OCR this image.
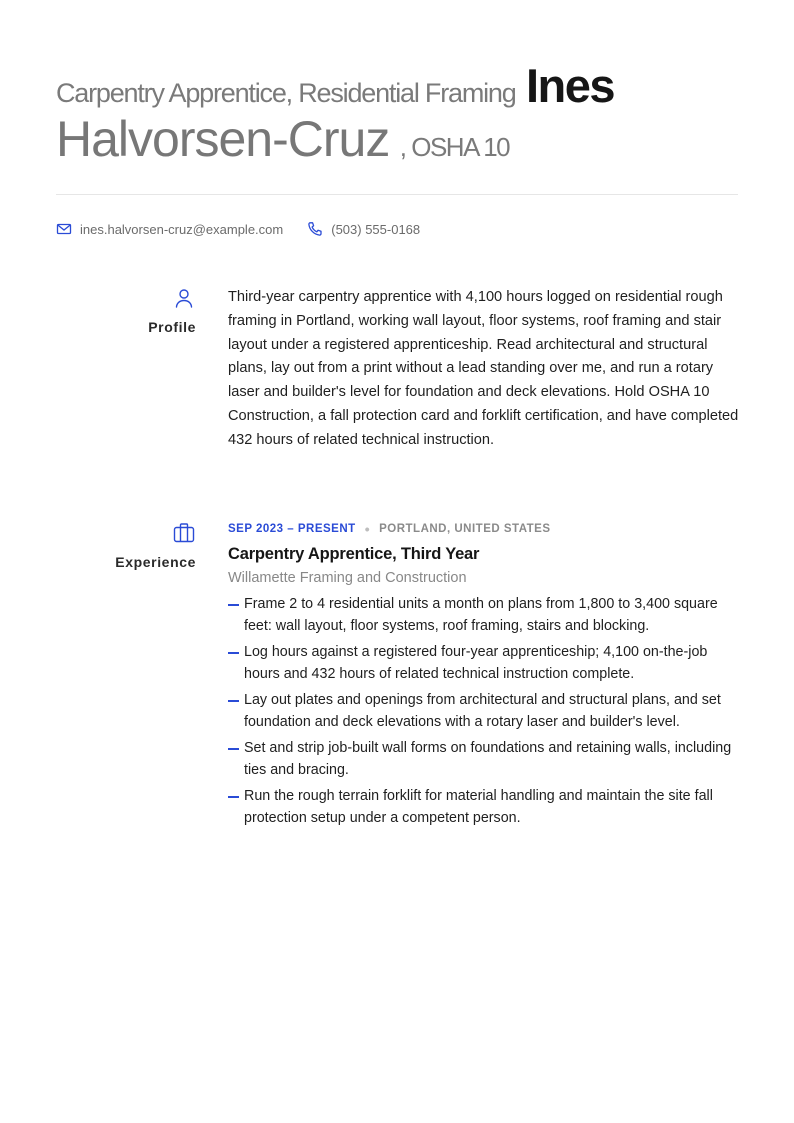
Carpentry Apprentice, Residential Framing Ines
Halvorsen-Cruz , OSHA 10
ines.halvorsen-cruz@example.com	(503) 555-0168
Profile
Third-year carpentry apprentice with 4,100 hours logged on residential rough framing in Portland, working wall layout, floor systems, roof framing and stair layout under a registered apprenticeship. Read architectural and structural plans, lay out from a print without a lead standing over me, and run a rotary laser and builder's level for foundation and deck elevations. Hold OSHA 10 Construction, a fall protection card and forklift certification, and have completed 432 hours of related technical instruction.
Experience
SEP 2023 – PRESENT • PORTLAND, UNITED STATES
Carpentry Apprentice, Third Year
Willamette Framing and Construction
Frame 2 to 4 residential units a month on plans from 1,800 to 3,400 square feet: wall layout, floor systems, roof framing, stairs and blocking.
Log hours against a registered four-year apprenticeship; 4,100 on-the-job hours and 432 hours of related technical instruction complete.
Lay out plates and openings from architectural and structural plans, and set foundation and deck elevations with a rotary laser and builder's level.
Set and strip job-built wall forms on foundations and retaining walls, including ties and bracing.
Run the rough terrain forklift for material handling and maintain the site fall protection setup under a competent person.
